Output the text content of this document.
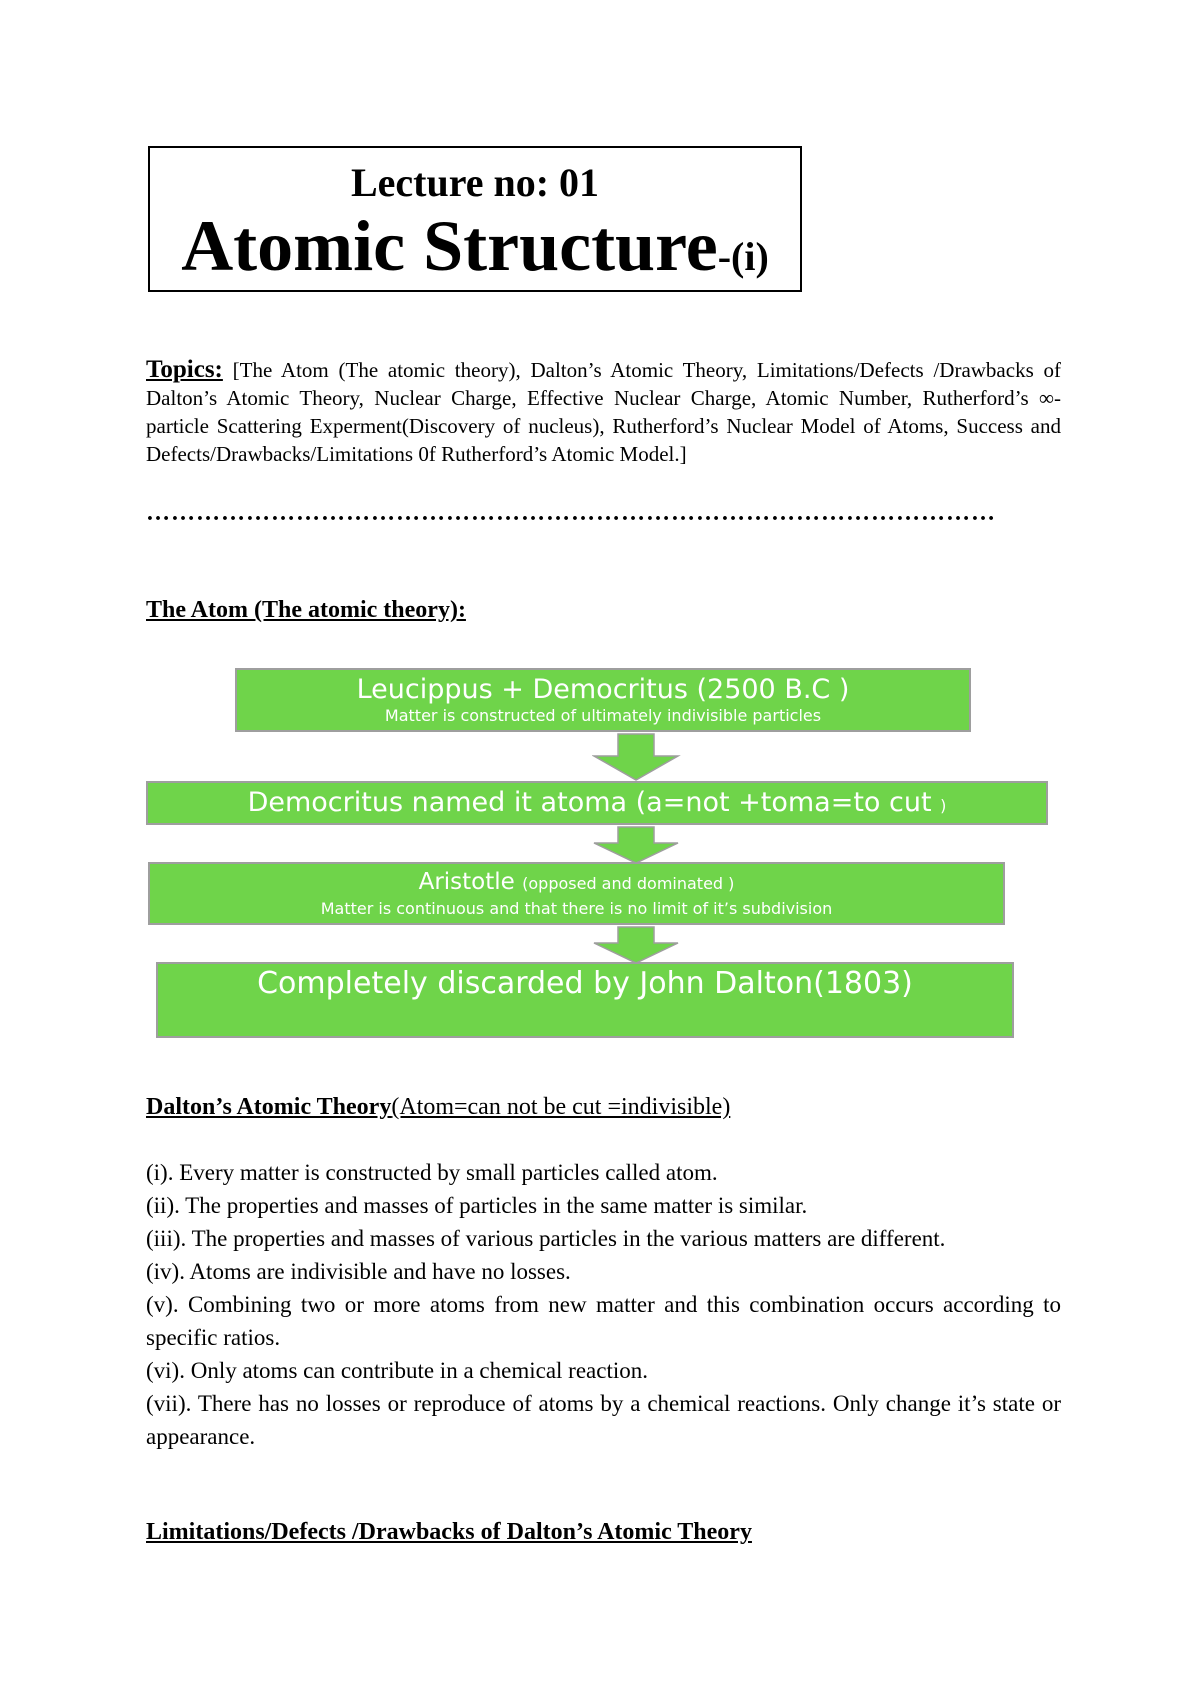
Lecture no: 01
Atomic Structure-(i)
Topics: [The Atom (The atomic theory), Dalton’s Atomic Theory, Limitations/Defects /Drawbacks of Dalton’s Atomic Theory, Nuclear Charge, Effective Nuclear Charge, Atomic Number, Rutherford’s ∞-particle Scattering Experment(Discovery of nucleus), Rutherford’s Nuclear Model of Atoms, Success and Defects/Drawbacks/Limitations 0f Rutherford’s Atomic Model.]
…………………………………………………………………………………………
The Atom (The atomic theory):
Leucippus + Democritus (2500 B.C )
Matter is constructed of ultimately indivisible particles
Democritus named it atoma (a=not +toma=to cut )
Aristotle (opposed and dominated )
Matter is continuous and that there is no limit of it’s subdivision
Completely discarded by John Dalton(1803)
Dalton’s Atomic Theory(Atom=can not be cut =indivisible)

(i). Every matter is constructed by small particles called atom.

(ii). The properties and masses of particles in the same matter is similar.

(iii). The properties and masses of various particles in the various matters are different.

(iv). Atoms are indivisible and have no losses.

(v). Combining two or more atoms from new matter and this combination occurs according to specific ratios.

(vi). Only atoms can contribute in a chemical reaction.

(vii). There has no losses or reproduce of atoms by a chemical reactions. Only change it’s state or appearance.

Limitations/Defects /Drawbacks of Dalton’s Atomic Theory
